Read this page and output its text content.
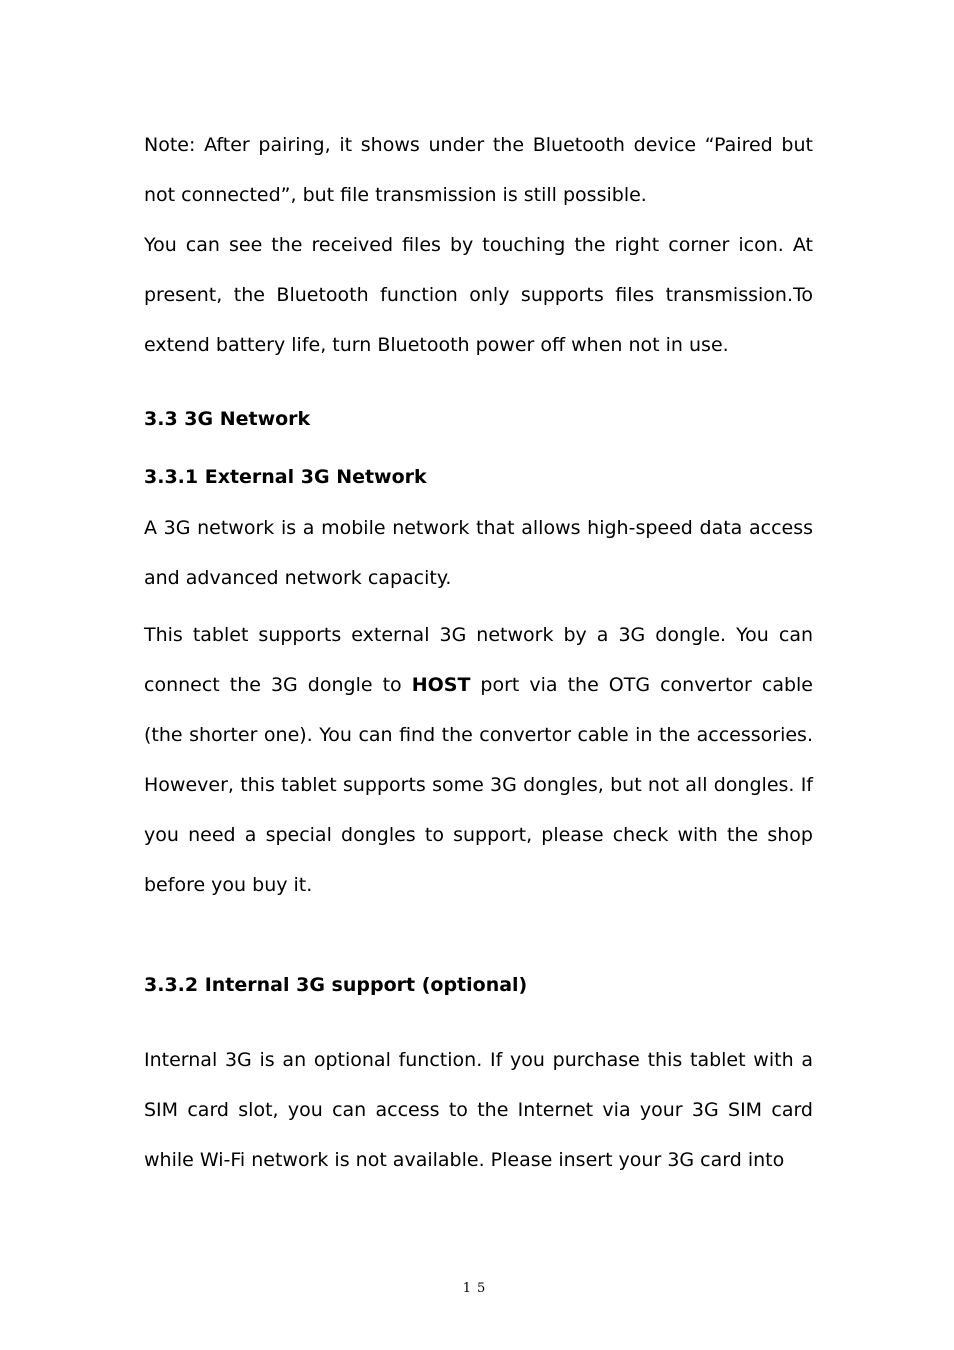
Note: After pairing, it shows under the Bluetooth device “Paired but not connected”, but file transmission is still possible.

You can see the received files by touching the right corner icon. At present, the Bluetooth function only supports files transmission.To extend battery life, turn Bluetooth power off when not in use.

3.3 3G Network
3.3.1 External 3G Network

A 3G network is a mobile network that allows high-speed data access and advanced network capacity.

This tablet supports external 3G network by a 3G dongle. You can connect the 3G dongle to HOST port via the OTG convertor cable (the shorter one). You can find the convertor cable in the accessories. However, this tablet supports some 3G dongles, but not all dongles. If you need a special dongles to support, please check with the shop before you buy it.

3.3.2 Internal 3G support (optional)

Internal 3G is an optional function. If you purchase this tablet with a SIM card slot, you can access to the Internet via your 3G SIM card while Wi-Fi network is not available. Please insert your 3G card into

15
